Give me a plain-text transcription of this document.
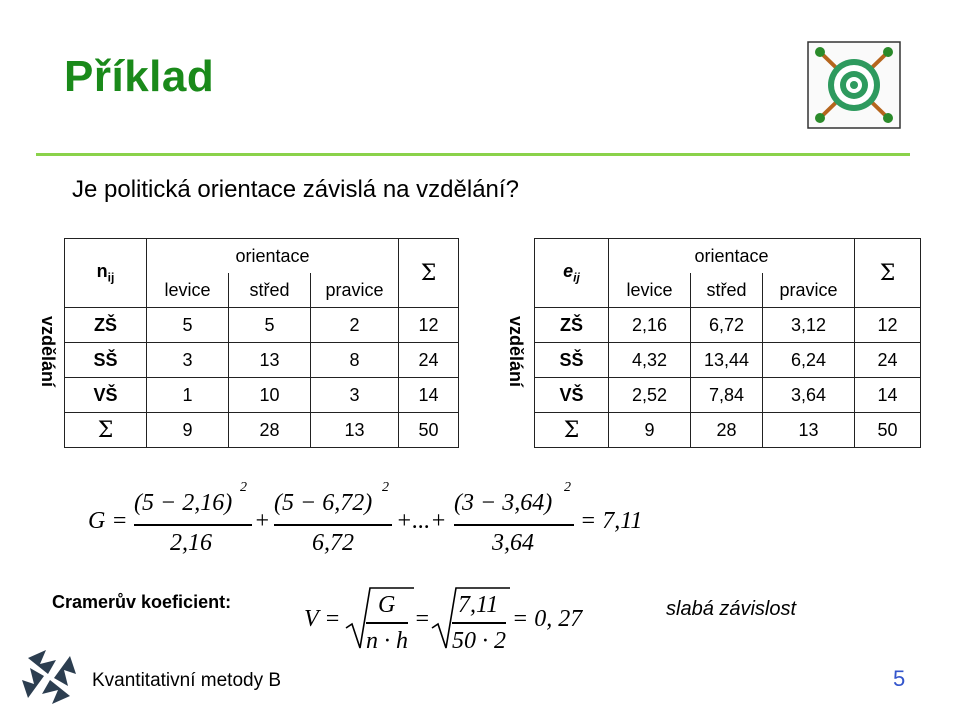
Příklad
Je politická orientace závislá na vzdělání?
vzdělání
$n_{ij}$	orientace			Σ
	levice	střed	pravice	
ZŠ	5	5	2	12
SŠ	3	13	8	24
VŠ	1	10	3	14
Σ	9	28	13	50
vzdělání
$e_{ij}$	orientace			Σ
	levice	střed	pravice	
ZŠ	2,16	6,72	3,12	12
SŠ	4,32	13,44	6,24	24
VŠ	2,52	7,84	3,64	14
Σ	9	28	13	50
G =
(5 − 2,16)
2
2,16
+
(5 − 6,72)
2
6,72
+...+
(3 − 3,64)
2
3,64
= 7,11
Cramerův koeficient:
V =
G
n · h
=
7,11
50 · 2
= 0, 27	slabá závislost
Kvantitativní metody B	5
